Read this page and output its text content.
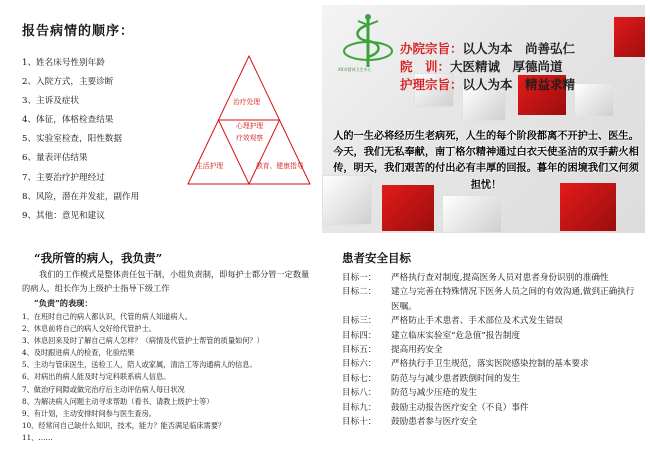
报告病情的顺序：
1、姓名床号性别年龄
2、入院方式，主要诊断
3、主诉及症状
4、体征，体格检查结果
5、实验室检查，阳性数据
6、量表评估结果
7、主要治疗护理经过
8、风险，潜在并发症，副作用
9、其他：意见和建议
治疗处理
心理护理
疗效观察
生活护理	教育、健康指导
XX市精神卫生中心
办院宗旨：以人为本　尚善弘仁
院　训：大医精诚　厚德尚道
护理宗旨：以人为本　精益求精
人的一生必将经历生老病死，人生的每个阶段都离不开护士、医生。今天，我们无私奉献，南丁格尔精神通过白衣天使圣洁的双手薪火相传，明天，我们艰苦的付出必有丰厚的回报。暮年的困境我们又何须担忧！
“我所管的病人，我负责”
我们的工作模式是整体责任包干制，小组负责制，即每护士都分管一定数量的病人，组长作为上级护士指导下级工作
“负责”的表现：
1、在班时自己的病人都认识，代管的病人知道病人。
2、休息前将自己的病人交好给代管护士。
3、休息回来及时了解自己病人怎样？（病情及代管护士帮管的质量如何？）
4、及时跟进病人的检查，化验结果
5、主动与管床医生，送检工人，陪人或家属，清洁工等沟通病人的信息。
6、对病出的病人能及时与定科联系病人信息。
7、做治疗间隙或做完治疗后主动评估病人每日状况
8、为解决病人问题主动寻求帮助（看书、请教上级护士等）
9、有计划，主动安排时间参与医生查房。
10、经常问自己缺什么知识，技术，能力？能否满足临床需要？
11、……
患者安全目标
目标一：	严格执行查对制度,提高医务人员对患者身份识别的准确性
目标二：	建立与完善在特殊情况下医务人员之间的有效沟通,做到正确执行医嘱。
目标三：	严格防止手术患者、手术部位及术式发生错误
目标四：	建立临床实验室“危急值”报告制度
目标五：	提高用药安全
目标六：	严格执行手卫生规范，落实医院感染控制的基本要求
目标七：	防范与与减少患者跌倒时间的发生
目标八：	防范与减少压疮的发生
目标九：	鼓励主动报告医疗安全（不良）事件
目标十：	鼓励患者参与医疗安全
